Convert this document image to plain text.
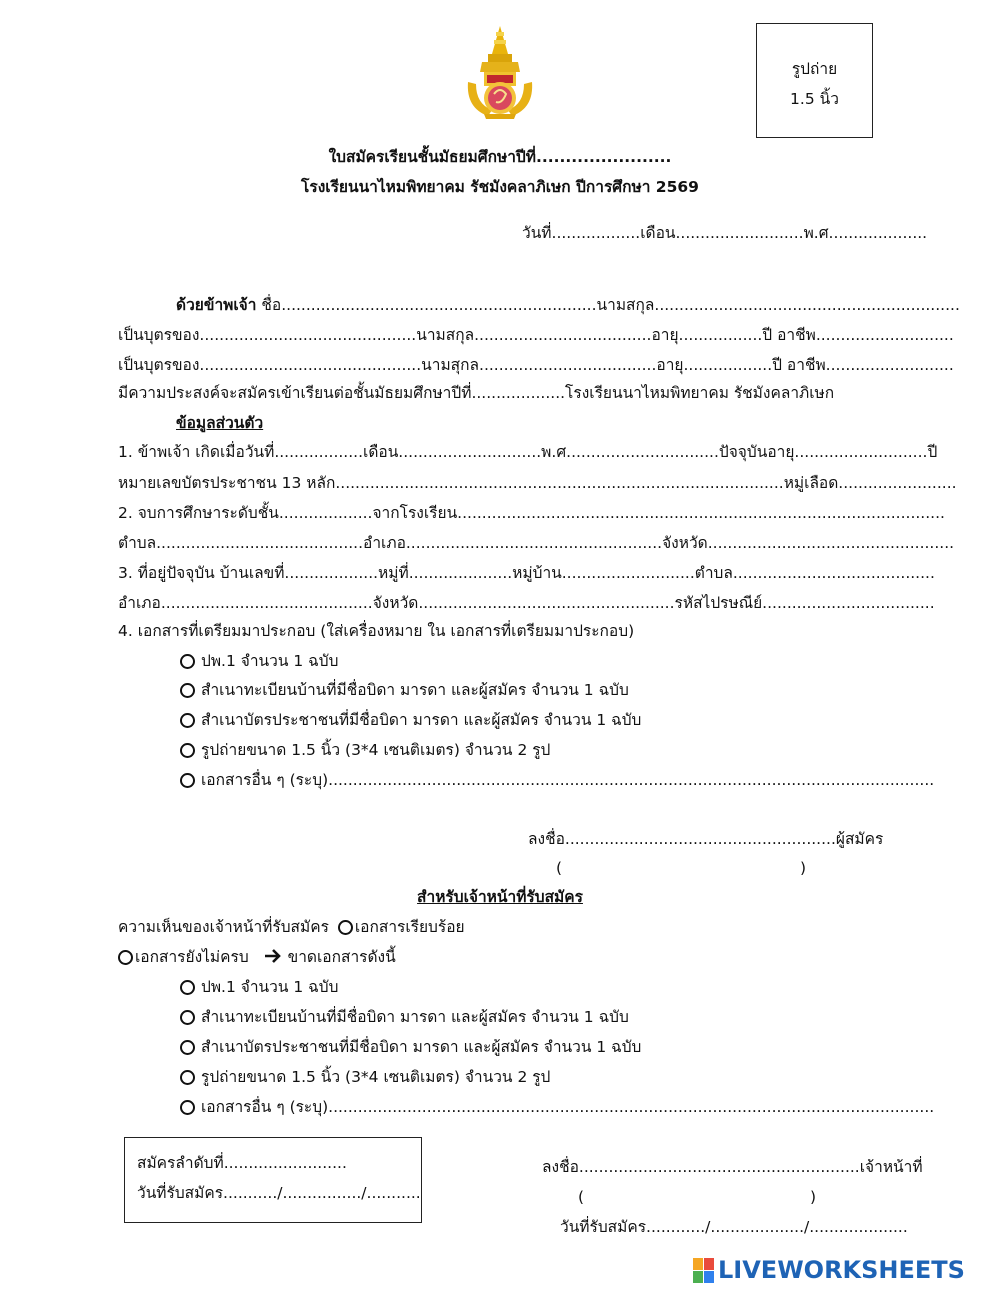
รูปถ่าย
1.5 นิ้ว
ใบสมัครเรียนชั้นมัธยมศึกษาปีที่.......................
โรงเรียนนาไหมพิทยาคม รัชมังคลาภิเษก ปีการศึกษา 2569
วันที่..................เดือน..........................พ.ศ....................
ด้วยข้าพเจ้า ชื่อ................................................................นามสกุล..............................................................
เป็นบุตรของ............................................นามสกุล....................................อายุ.................ปี อาชีพ............................
เป็นบุตรของ.............................................นามสุกล....................................อายุ..................ปี อาชีพ..........................
มีความประสงค์จะสมัครเข้าเรียนต่อชั้นมัธยมศึกษาปีที่...................โรงเรียนนาไหมพิทยาคม รัชมังคลาภิเษก
ข้อมูลส่วนตัว
1. ข้าพเจ้า เกิดเมื่อวันที่..................เดือน.............................พ.ศ...............................ปัจจุบันอายุ...........................ปี
หมายเลขบัตรประชาชน 13 หลัก...........................................................................................หมู่เลือด........................
2. จบการศึกษาระดับชั้น...................จากโรงเรียน...................................................................................................
ตำบล..........................................อำเภอ....................................................จังหวัด..................................................
3. ที่อยู่ปัจจุบัน บ้านเลขที่...................หมู่ที่.....................หมู่บ้าน...........................ตำบล.........................................
อำเภอ...........................................จังหวัด....................................................รหัสไปรษณีย์...................................
4. เอกสารที่เตรียมมาประกอบ (ใส่เครื่องหมาย ใน เอกสารที่เตรียมมาประกอบ)
ปพ.1 จำนวน 1 ฉบับ
สำเนาทะเบียนบ้านที่มีชื่อบิดา มารดา และผู้สมัคร จำนวน 1 ฉบับ
สำเนาบัตรประชาชนที่มีชื่อบิดา มารดา และผู้สมัคร จำนวน 1 ฉบับ
รูปถ่ายขนาด 1.5 นิ้ว (3*4 เซนติเมตร) จำนวน 2 รูป
เอกสารอื่น ๆ (ระบุ)...........................................................................................................................
ลงชื่อ.......................................................ผู้สมัคร
(	)
สำหรับเจ้าหน้าที่รับสมัคร
ความเห็นของเจ้าหน้าที่รับสมัคร เอกสารเรียบร้อย
เอกสารยังไม่ครบ	ขาดเอกสารดังนี้
ปพ.1 จำนวน 1 ฉบับ
สำเนาทะเบียนบ้านที่มีชื่อบิดา มารดา และผู้สมัคร จำนวน 1 ฉบับ
สำเนาบัตรประชาชนที่มีชื่อบิดา มารดา และผู้สมัคร จำนวน 1 ฉบับ
รูปถ่ายขนาด 1.5 นิ้ว (3*4 เซนติเมตร) จำนวน 2 รูป
เอกสารอื่น ๆ (ระบุ)...........................................................................................................................
สมัครลำดับที่.........................
วันที่รับสมัคร.........../................/...........
ลงชื่อ.........................................................เจ้าหน้าที่
(	)
วันที่รับสมัคร............/.................../....................
LIVEWORKSHEETS
